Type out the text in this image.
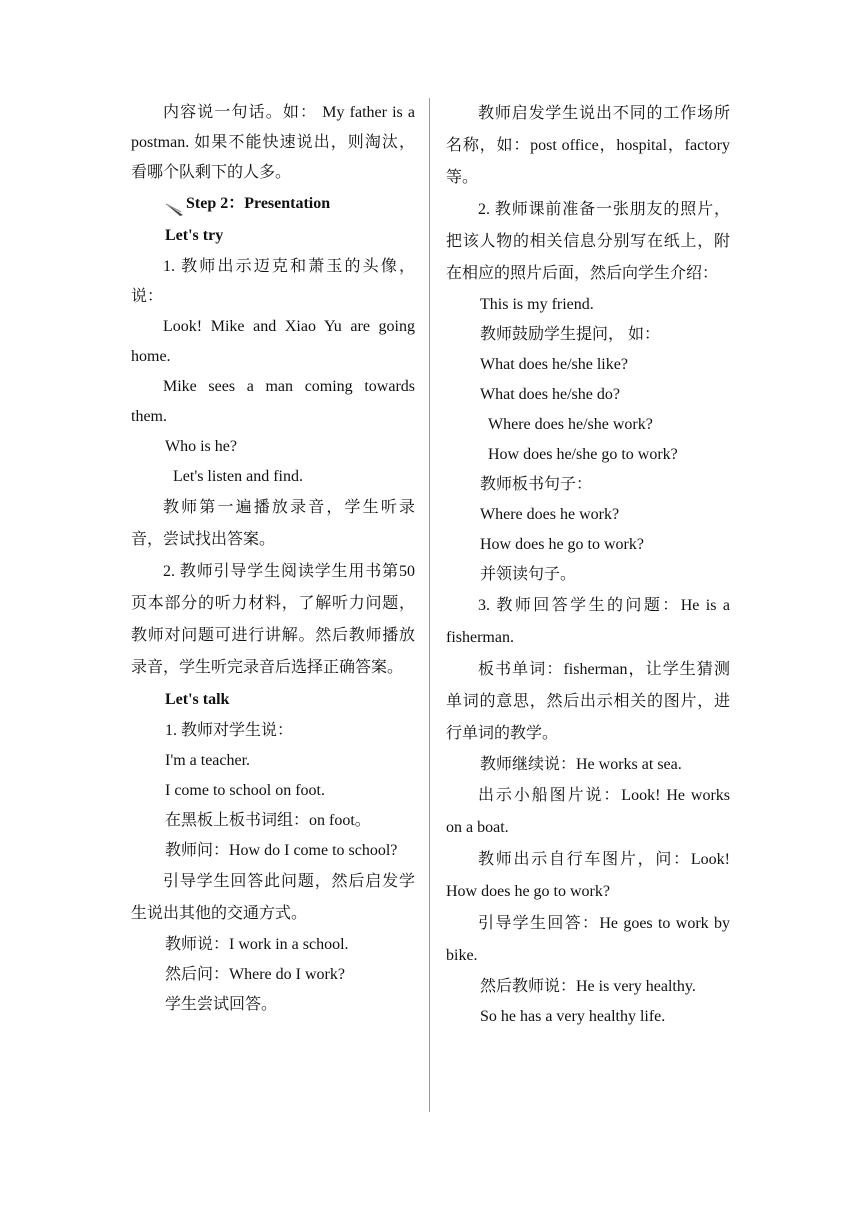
内容说一句话。如： My father is a postman. 如果不能快速说出，则淘汰，看哪个队剩下的人多。

Step 2：Presentation

Let's try

1. 教师出示迈克和萧玉的头像，说：

Look! Mike and Xiao Yu are going home.

Mike sees a man coming towards them.

Who is he?

Let's listen and find.

教师第一遍播放录音，学生听录音，尝试找出答案。

2. 教师引导学生阅读学生用书第50页本部分的听力材料，了解听力问题，教师对问题可进行讲解。然后教师播放录音，学生听完录音后选择正确答案。

Let's talk

1. 教师对学生说：

I'm a teacher.

I come to school on foot.

在黑板上板书词组：on foot。

教师问：How do I come to school?

引导学生回答此问题，然后启发学生说出其他的交通方式。

教师说：I work in a school.

然后问：Where do I work?

学生尝试回答。

教师启发学生说出不同的工作场所名称，如：post office，hospital，factory等。

2. 教师课前准备一张朋友的照片，把该人物的相关信息分别写在纸上，附在相应的照片后面，然后向学生介绍：

This is my friend.

教师鼓励学生提问， 如：

What does he/she like?

What does he/she do?

Where does he/she work?

How does he/she go to work?

教师板书句子：

Where does he work?

How does he go to work?

并领读句子。

3. 教师回答学生的问题：He is a fisherman.

板书单词：fisherman，让学生猜测单词的意思，然后出示相关的图片，进行单词的教学。

教师继续说：He works at sea.

出示小船图片说：Look! He works on a boat.

教师出示自行车图片，问：Look! How does he go to work?

引导学生回答：He goes to work by bike.

然后教师说：He is very healthy.

So he has a very healthy life.
